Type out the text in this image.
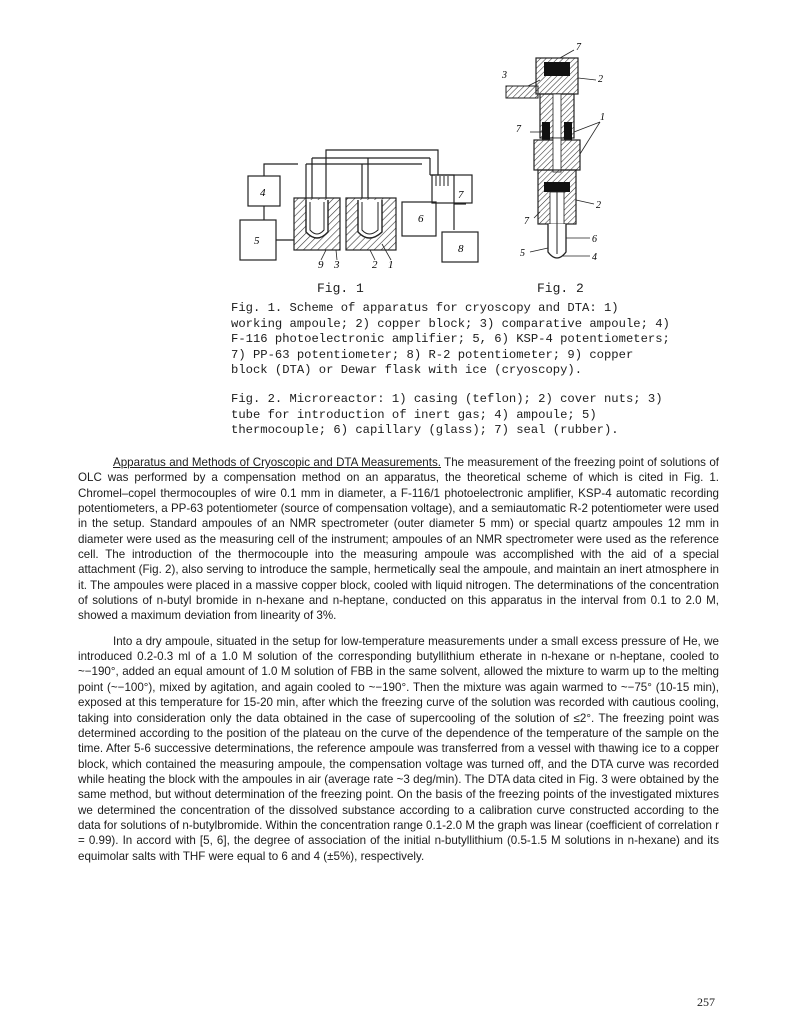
4
5
6
7
8
9 3	2 1
Fig. 1
7
3	2
7
1
2
7
5
6
4
Fig. 2

Fig. 1. Scheme of apparatus for cryoscopy and DTA: 1) working ampoule; 2) copper block; 3) comparative ampoule; 4) F-116 photoelectronic amplifier; 5, 6) KSP-4 potentiometers; 7) PP-63 potentiometer; 8) R-2 potentiometer; 9) copper block (DTA) or Dewar flask with ice (cryoscopy).

Fig. 2. Microreactor: 1) casing (teflon); 2) cover nuts; 3) tube for introduction of inert gas; 4) ampoule; 5) thermocouple; 6) capillary (glass); 7) seal (rubber).

Apparatus and Methods of Cryoscopic and DTA Measurements. The measurement of the freezing point of solutions of OLC was performed by a compensation method on an apparatus, the theoretical scheme of which is cited in Fig. 1. Chromel–copel thermocouples of wire 0.1 mm in diameter, a F-116/1 photoelectronic amplifier, KSP-4 automatic recording potentiometers, a PP-63 potentiometer (source of compensation voltage), and a semiautomatic R-2 potentiometer were used in the setup. Standard ampoules of an NMR spectrometer (outer diameter 5 mm) or special quartz ampoules 12 mm in diameter were used as the measuring cell of the instrument; ampoules of an NMR spectrometer were used as the reference cell. The introduction of the thermocouple into the measuring ampoule was accomplished with the aid of a special attachment (Fig. 2), also serving to introduce the sample, hermetically seal the ampoule, and maintain an inert atmosphere in it. The ampoules were placed in a massive copper block, cooled with liquid nitrogen. The determinations of the concentration of solutions of n-butyl bromide in n-hexane and n-heptane, conducted on this apparatus in the interval from 0.1 to 2.0 M, showed a maximum deviation from linearity of 3%.

Into a dry ampoule, situated in the setup for low-temperature measurements under a small excess pressure of He, we introduced 0.2-0.3 ml of a 1.0 M solution of the corresponding butyllithium etherate in n-hexane or n-heptane, cooled to ~−190°, added an equal amount of 1.0 M solution of FBB in the same solvent, allowed the mixture to warm up to the melting point (~−100°), mixed by agitation, and again cooled to ~−190°. Then the mixture was again warmed to ~−75° (10-15 min), exposed at this temperature for 15-20 min, after which the freezing curve of the solution was recorded with cautious cooling, taking into consideration only the data obtained in the case of supercooling of the solution of ≤2°. The freezing point was determined according to the position of the plateau on the curve of the dependence of the temperature of the sample on the time. After 5-6 successive determinations, the reference ampoule was transferred from a vessel with thawing ice to a copper block, which contained the measuring ampoule, the compensation voltage was turned off, and the DTA curve was recorded while heating the block with the ampoules in air (average rate ~3 deg/min). The DTA data cited in Fig. 3 were obtained by the same method, but without determination of the freezing point. On the basis of the freezing points of the investigated mixtures we determined the concentration of the dissolved substance according to a calibration curve constructed according to the data for solutions of n-butylbromide. Within the concentration range 0.1-2.0 M the graph was linear (coefficient of correlation r = 0.99). In accord with [5, 6], the degree of association of the initial n-butyllithium (0.5-1.5 M solutions in n-hexane) and its equimolar salts with THF were equal to 6 and 4 (±5%), respectively.

257
